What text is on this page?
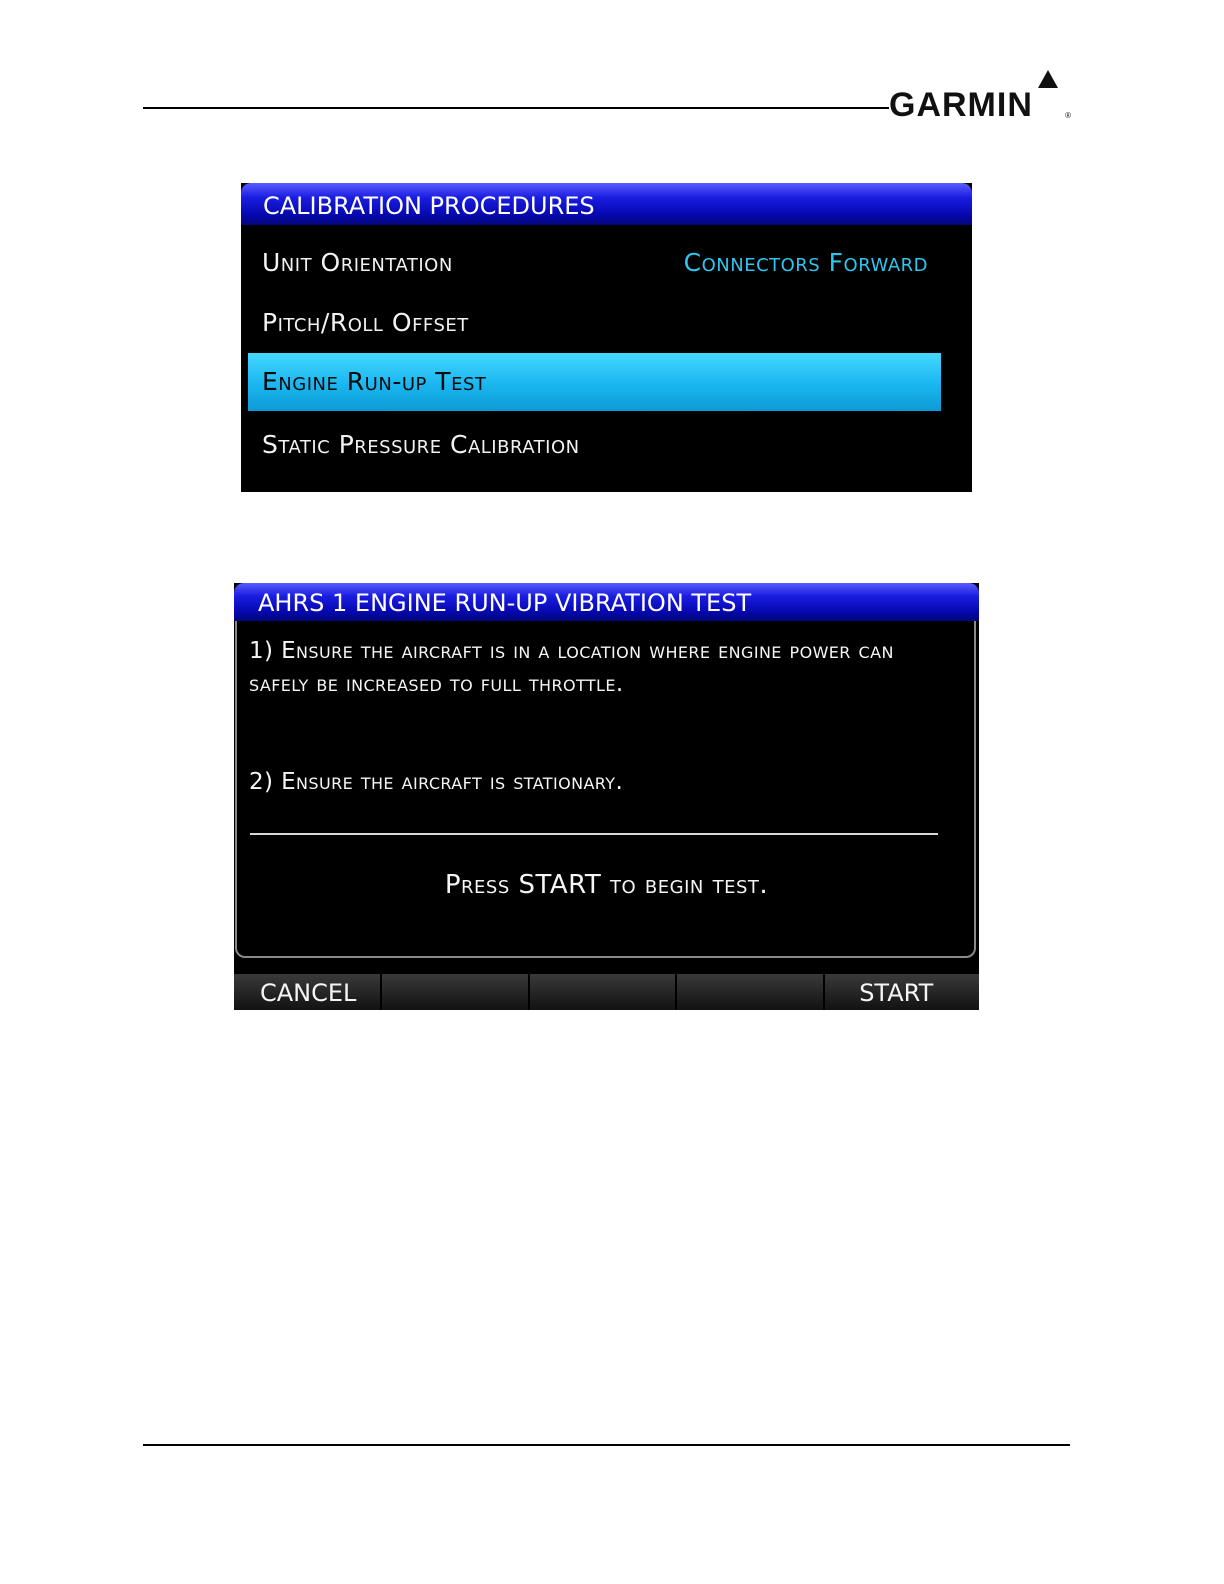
GARMIN	®
CALIBRATION PROCEDURES
Unit Orientation	Connectors Forward
Pitch/Roll Offset
Engine Run-up Test
Static Pressure Calibration
AHRS 1 ENGINE RUN-UP VIBRATION TEST
1) Ensure the aircraft is in a location where engine power can safely be increased to full throttle.
2) Ensure the aircraft is stationary.
Press START to begin test.
CANCEL	START
